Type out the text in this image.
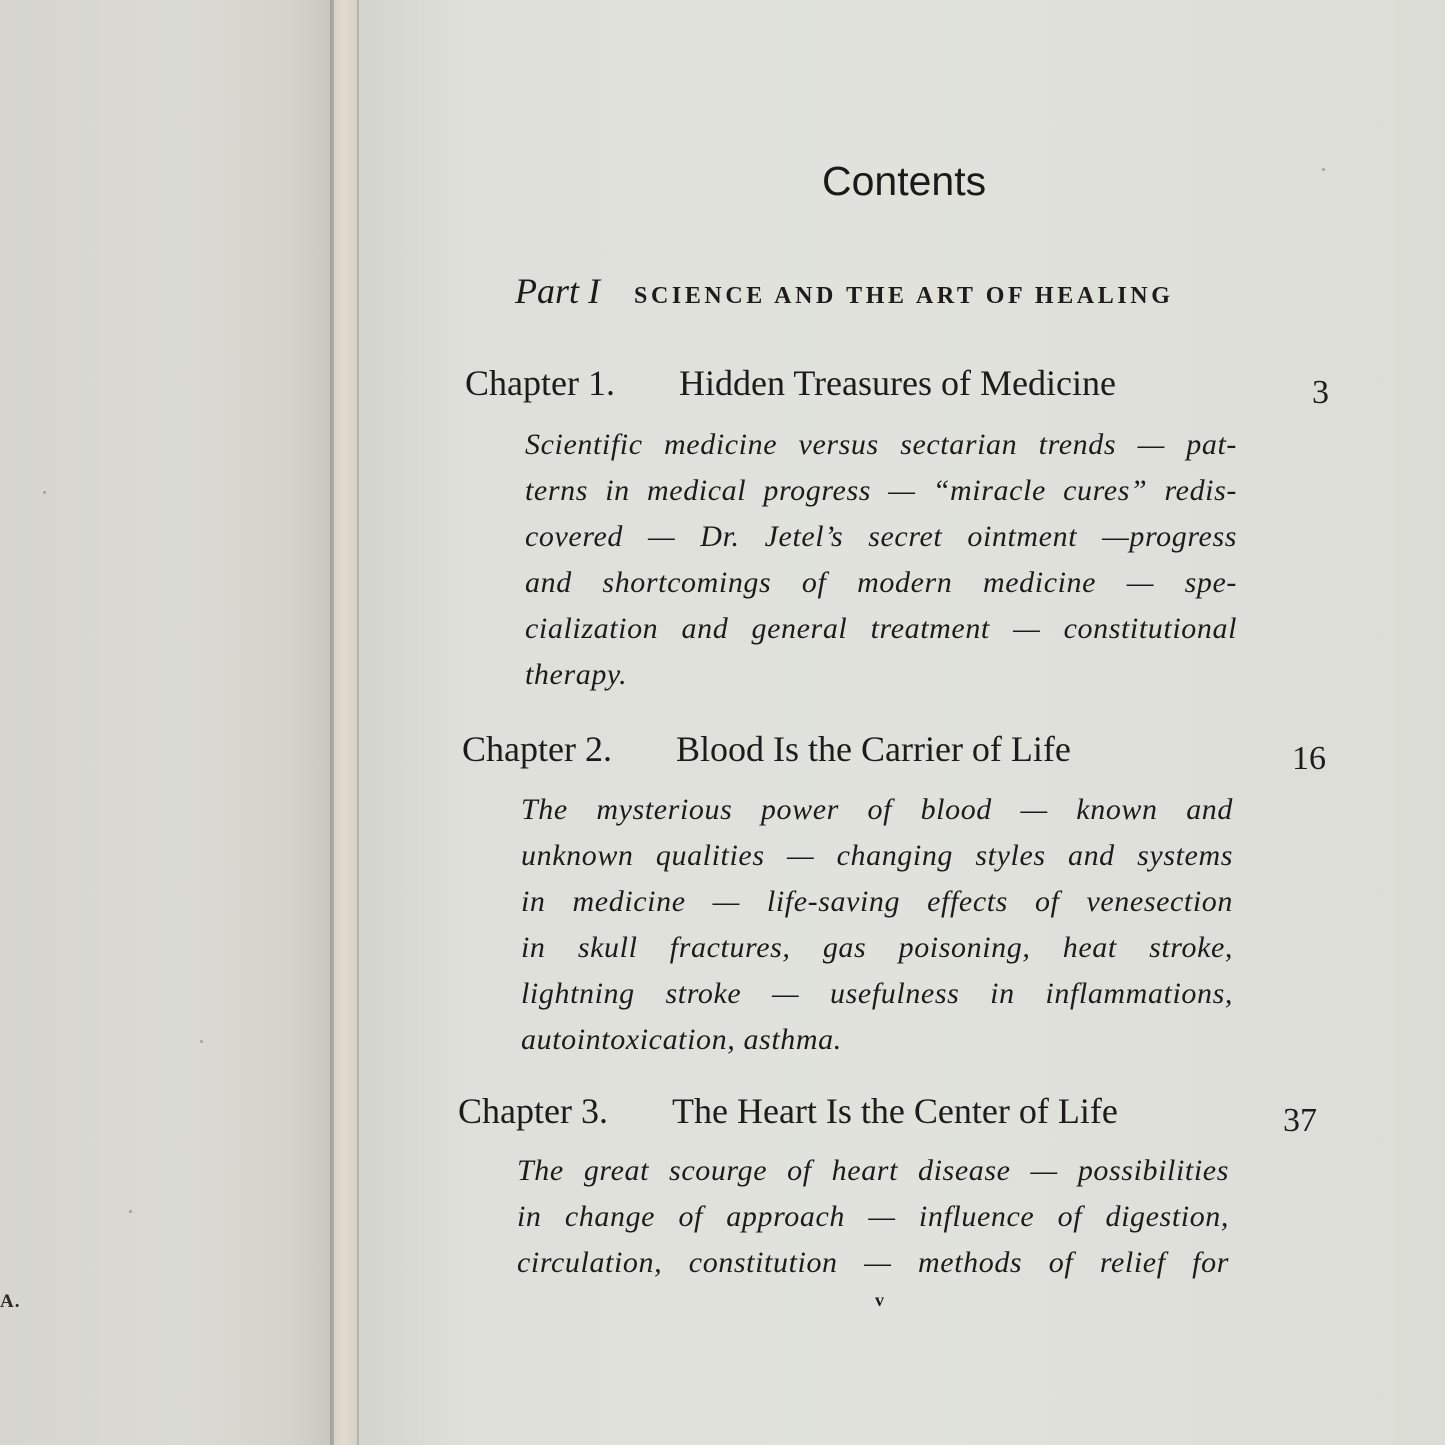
A.
Contents
Part I SCIENCE AND THE ART OF HEALING
Chapter 1. Hidden Treasures of Medicine	3
Scientific medicine versus sectarian trends — pat-
terns in medical progress — “miracle cures” redis-
covered — Dr. Jetel’s secret ointment —progress
and shortcomings of modern medicine — spe-
cialization and general treatment — constitutional
therapy.
Chapter 2. Blood Is the Carrier of Life	16
The mysterious power of blood — known and
unknown qualities — changing styles and systems
in medicine — life-saving effects of venesection
in skull fractures, gas poisoning, heat stroke,
lightning stroke — usefulness in inflammations,
autointoxication, asthma.
Chapter 3. The Heart Is the Center of Life	37
The great scourge of heart disease — possibilities
in change of approach — influence of digestion,
circulation, constitution — methods of relief for
v
